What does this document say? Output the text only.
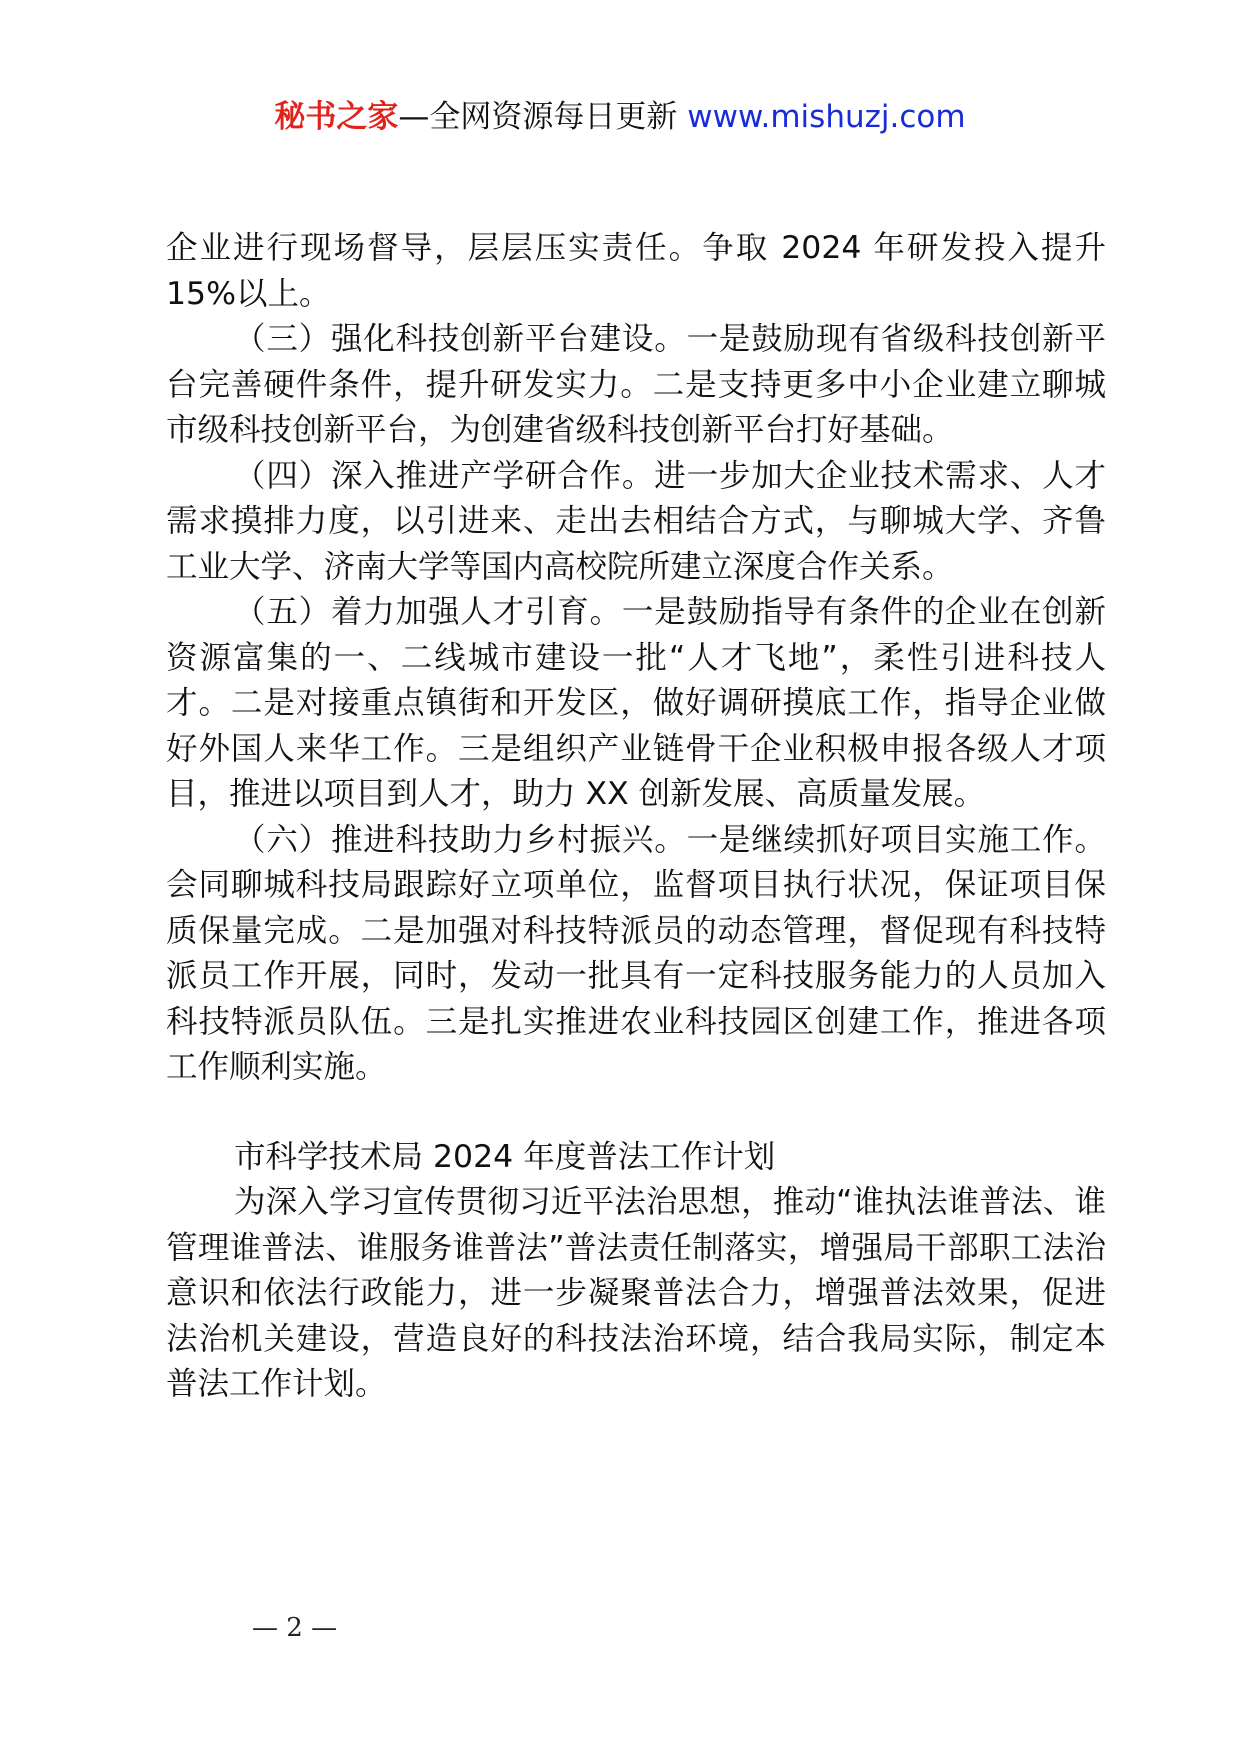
秘书之家—全网资源每日更新 www.mishuzj.com

企业进行现场督导，层层压实责任。争取 2024 年研发投入提升 15%以上。

（三）强化科技创新平台建设。一是鼓励现有省级科技创新平台完善硬件条件，提升研发实力。二是支持更多中小企业建立聊城市级科技创新平台，为创建省级科技创新平台打好基础。

（四）深入推进产学研合作。进一步加大企业技术需求、人才需求摸排力度，以引进来、走出去相结合方式，与聊城大学、齐鲁工业大学、济南大学等国内高校院所建立深度合作关系。

（五）着力加强人才引育。一是鼓励指导有条件的企业在创新资源富集的一、二线城市建设一批“人才飞地”，柔性引进科技人才。二是对接重点镇街和开发区，做好调研摸底工作，指导企业做好外国人来华工作。三是组织产业链骨干企业积极申报各级人才项目，推进以项目到人才，助力 XX 创新发展、高质量发展。

（六）推进科技助力乡村振兴。一是继续抓好项目实施工作。会同聊城科技局跟踪好立项单位，监督项目执行状况，保证项目保质保量完成。二是加强对科技特派员的动态管理，督促现有科技特派员工作开展，同时，发动一批具有一定科技服务能力的人员加入科技特派员队伍。三是扎实推进农业科技园区创建工作，推进各项工作顺利实施。

市科学技术局 2024 年度普法工作计划

为深入学习宣传贯彻习近平法治思想，推动“谁执法谁普法、谁管理谁普法、谁服务谁普法”普法责任制落实，增强局干部职工法治意识和依法行政能力，进一步凝聚普法合力，增强普法效果，促进法治机关建设，营造良好的科技法治环境，结合我局实际，制定本普法工作计划。

— 2 —
